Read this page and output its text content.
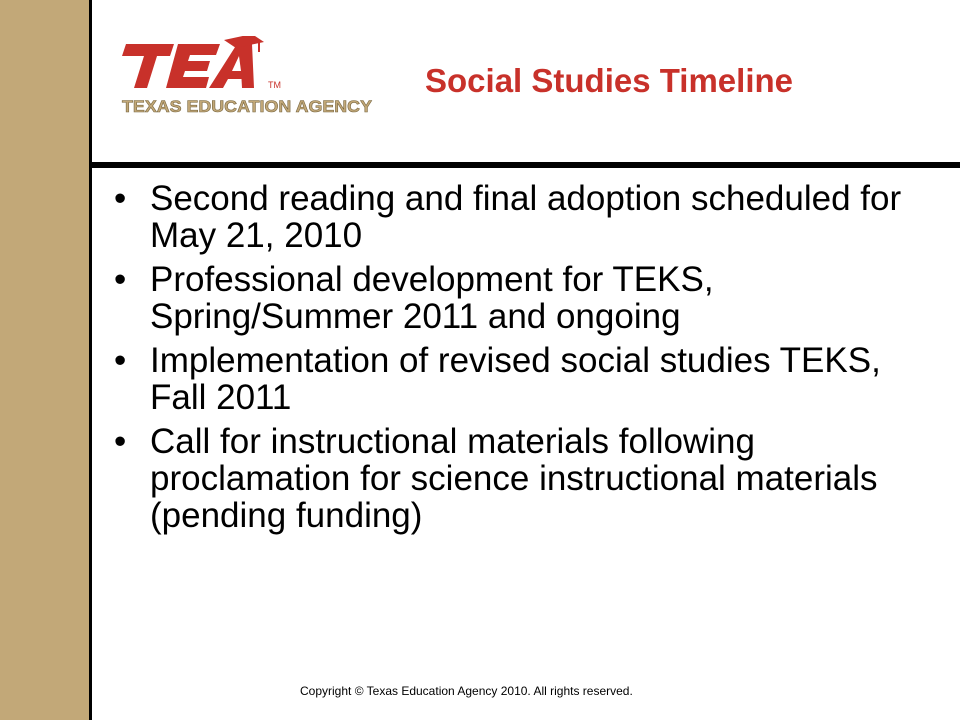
TM
TEXAS EDUCATION AGENCY
Social Studies Timeline
• Second reading and final adoption scheduled for May 21, 2010
• Professional development for TEKS, Spring/Summer 2011 and ongoing
• Implementation of revised social studies TEKS, Fall 2011
• Call for instructional materials following proclamation for science instructional materials (pending funding)
Copyright © Texas Education Agency 2010. All rights reserved.
